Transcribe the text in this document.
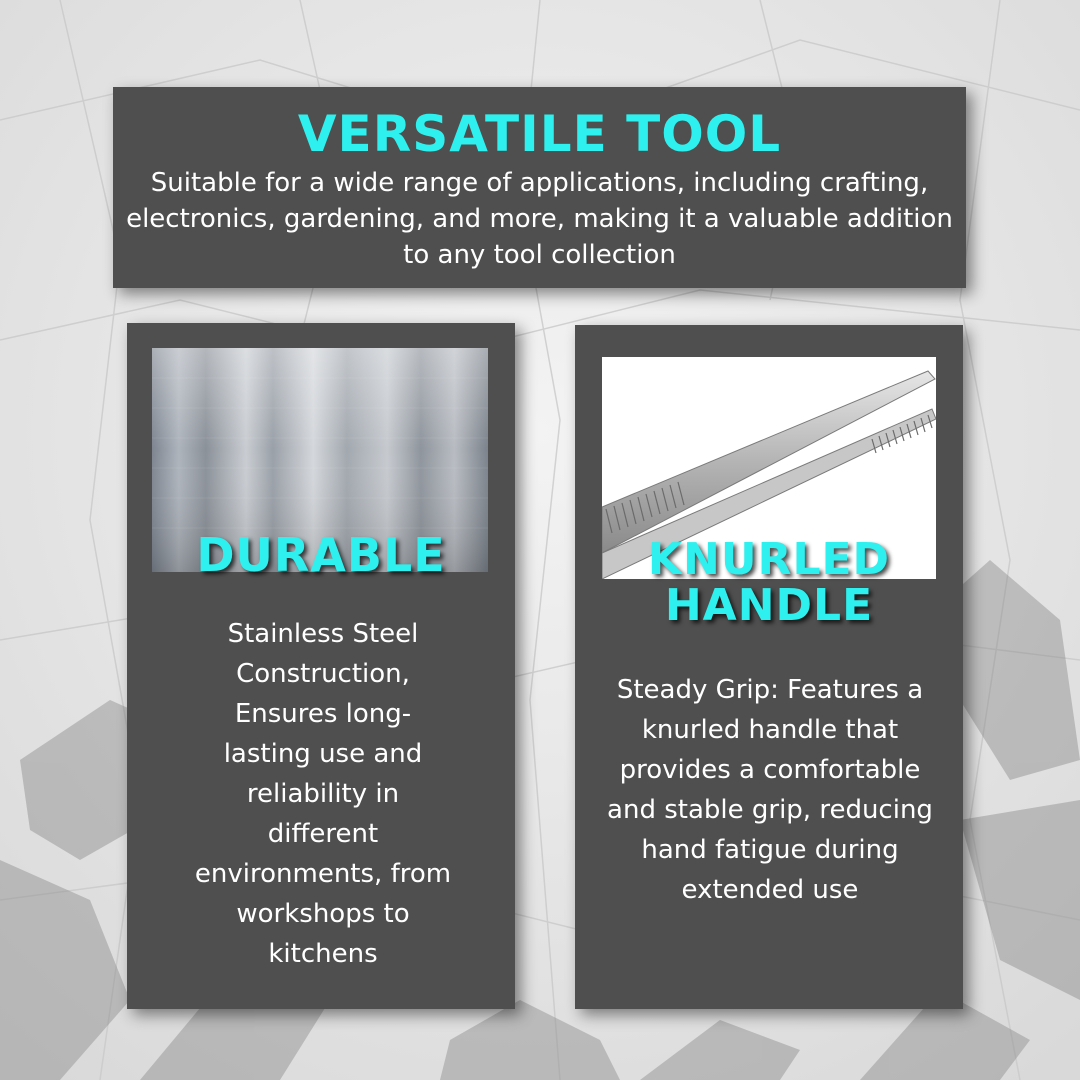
VERSATILE TOOL
Suitable for a wide range of applications, including crafting, electronics, gardening, and more, making it a valuable addition to any tool collection
DURABLE
Stainless Steel Construction, Ensures long-lasting use and reliability in different environments, from workshops to kitchens
KNURLED
HANDLE
Steady Grip: Features a knurled handle that provides a comfortable and stable grip, reducing hand fatigue during extended use
